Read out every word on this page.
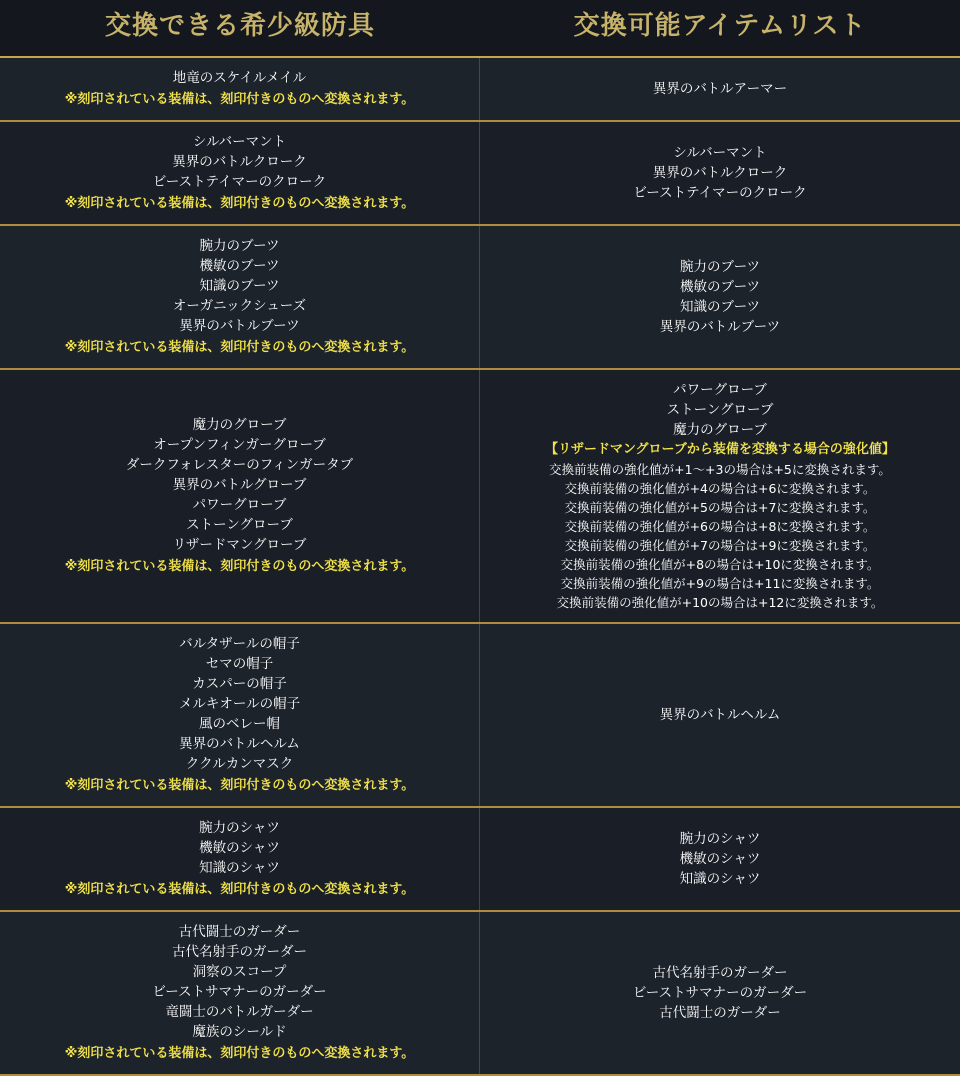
交換できる希少級防具	交換可能アイテムリスト
地竜のスケイルメイル
※刻印されている装備は、刻印付きのものへ変換されます。
異界のバトルアーマー
シルバーマント
異界のバトルクローク
ビーストテイマーのクローク
※刻印されている装備は、刻印付きのものへ変換されます。
シルバーマント
異界のバトルクローク
ビーストテイマーのクローク
腕力のブーツ
機敏のブーツ
知識のブーツ
オーガニックシューズ
異界のバトルブーツ
※刻印されている装備は、刻印付きのものへ変換されます。
腕力のブーツ
機敏のブーツ
知識のブーツ
異界のバトルブーツ
魔力のグローブ
オープンフィンガーグローブ
ダークフォレスターのフィンガータブ
異界のバトルグローブ
パワーグローブ
ストーングローブ
リザードマングローブ
※刻印されている装備は、刻印付きのものへ変換されます。
パワーグローブ
ストーングローブ
魔力のグローブ
【リザードマングローブから装備を変換する場合の強化値】
交換前装備の強化値が+1〜+3の場合は+5に変換されます。
交換前装備の強化値が+4の場合は+6に変換されます。
交換前装備の強化値が+5の場合は+7に変換されます。
交換前装備の強化値が+6の場合は+8に変換されます。
交換前装備の強化値が+7の場合は+9に変換されます。
交換前装備の強化値が+8の場合は+10に変換されます。
交換前装備の強化値が+9の場合は+11に変換されます。
交換前装備の強化値が+10の場合は+12に変換されます。
バルタザールの帽子
セマの帽子
カスパーの帽子
メルキオールの帽子
風のベレー帽
異界のバトルヘルム
ククルカンマスク
※刻印されている装備は、刻印付きのものへ変換されます。
異界のバトルヘルム
腕力のシャツ
機敏のシャツ
知識のシャツ
※刻印されている装備は、刻印付きのものへ変換されます。
腕力のシャツ
機敏のシャツ
知識のシャツ
古代闘士のガーダー
古代名射手のガーダー
洞察のスコープ
ビーストサマナーのガーダー
竜闘士のバトルガーダー
魔族のシールド
※刻印されている装備は、刻印付きのものへ変換されます。
古代名射手のガーダー
ビーストサマナーのガーダー
古代闘士のガーダー
